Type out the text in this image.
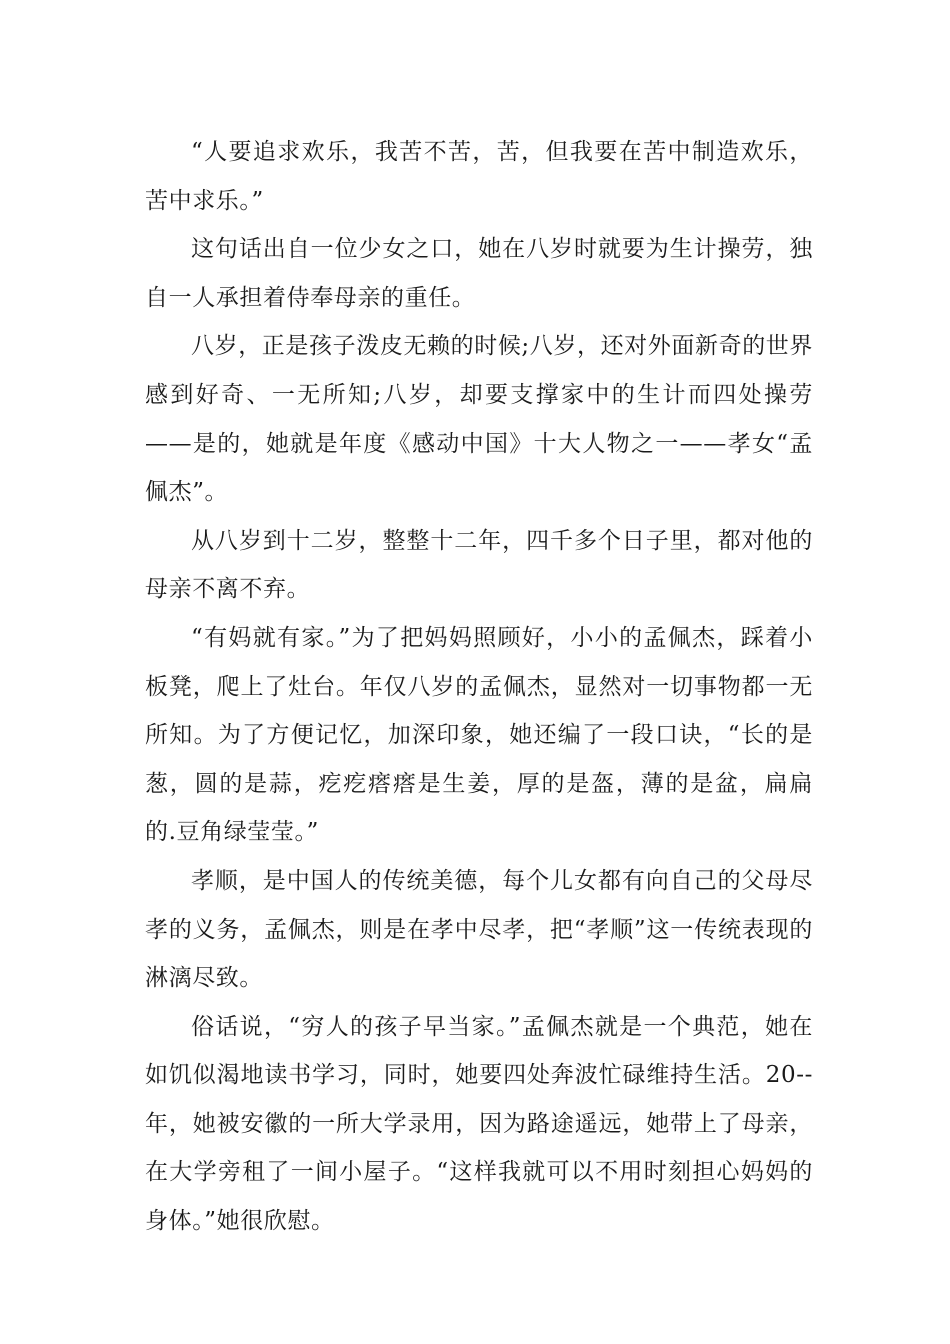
“人要追求欢乐，我苦不苦，苦，但我要在苦中制造欢乐，苦中求乐。”

这句话出自一位少女之口，她在八岁时就要为生计操劳，独自一人承担着侍奉母亲的重任。

八岁，正是孩子泼皮无赖的时候;八岁，还对外面新奇的世界感到好奇、一无所知;八岁，却要支撑家中的生计而四处操劳——是的，她就是年度《感动中国》十大人物之一——孝女“孟佩杰”。

从八岁到十二岁，整整十二年，四千多个日子里，都对他的母亲不离不弃。

“有妈就有家。”为了把妈妈照顾好，小小的孟佩杰，踩着小板凳，爬上了灶台。年仅八岁的孟佩杰，显然对一切事物都一无所知。为了方便记忆，加深印象，她还编了一段口诀，“长的是葱，圆的是蒜，疙疙瘩瘩是生姜，厚的是盔，薄的是盆，扁扁的.豆角绿莹莹。”

孝顺，是中国人的传统美德，每个儿女都有向自己的父母尽孝的义务，孟佩杰，则是在孝中尽孝，把“孝顺”这一传统表现的淋漓尽致。

俗话说，“穷人的孩子早当家。”孟佩杰就是一个典范，她在如饥似渴地读书学习，同时，她要四处奔波忙碌维持生活。20--年，她被安徽的一所大学录用，因为路途遥远，她带上了母亲，在大学旁租了一间小屋子。“这样我就可以不用时刻担心妈妈的身体。”她很欣慰。
